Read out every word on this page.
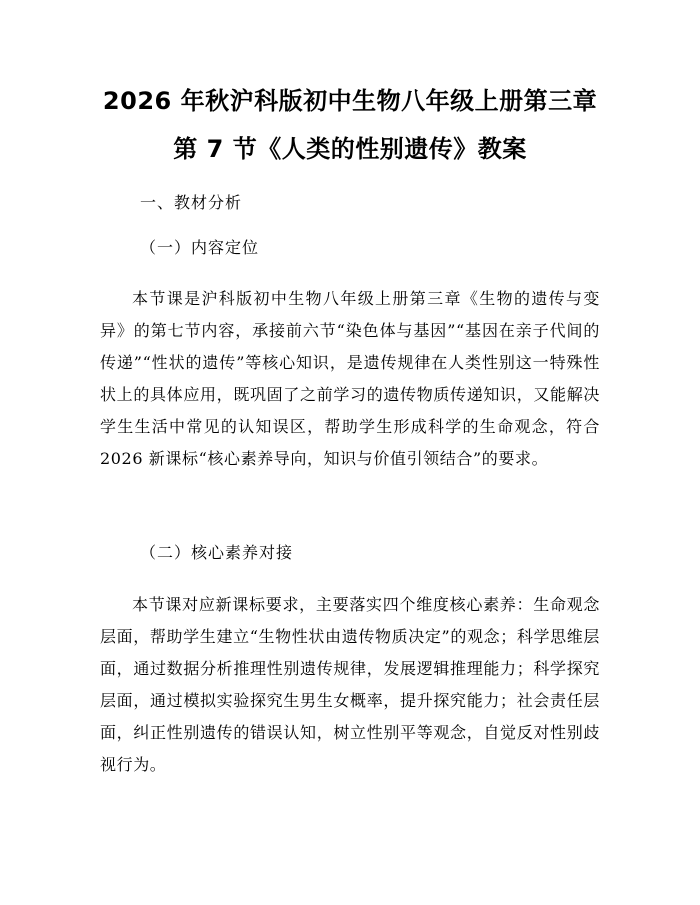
2026 年秋沪科版初中生物八年级上册第三章
第 7 节《人类的性别遗传》教案

一、教材分析

（一）内容定位

本节课是沪科版初中生物八年级上册第三章《生物的遗传与变异》的第七节内容，承接前六节“染色体与基因”“基因在亲子代间的传递”“性状的遗传”等核心知识，是遗传规律在人类性别这一特殊性状上的具体应用，既巩固了之前学习的遗传物质传递知识，又能解决学生生活中常见的认知误区，帮助学生形成科学的生命观念，符合 2026 新课标“核心素养导向，知识与价值引领结合”的要求。

（二）核心素养对接

本节课对应新课标要求，主要落实四个维度核心素养：生命观念层面，帮助学生建立“生物性状由遗传物质决定”的观念；科学思维层面，通过数据分析推理性别遗传规律，发展逻辑推理能力；科学探究层面，通过模拟实验探究生男生女概率，提升探究能力；社会责任层面，纠正性别遗传的错误认知，树立性别平等观念，自觉反对性别歧视行为。
